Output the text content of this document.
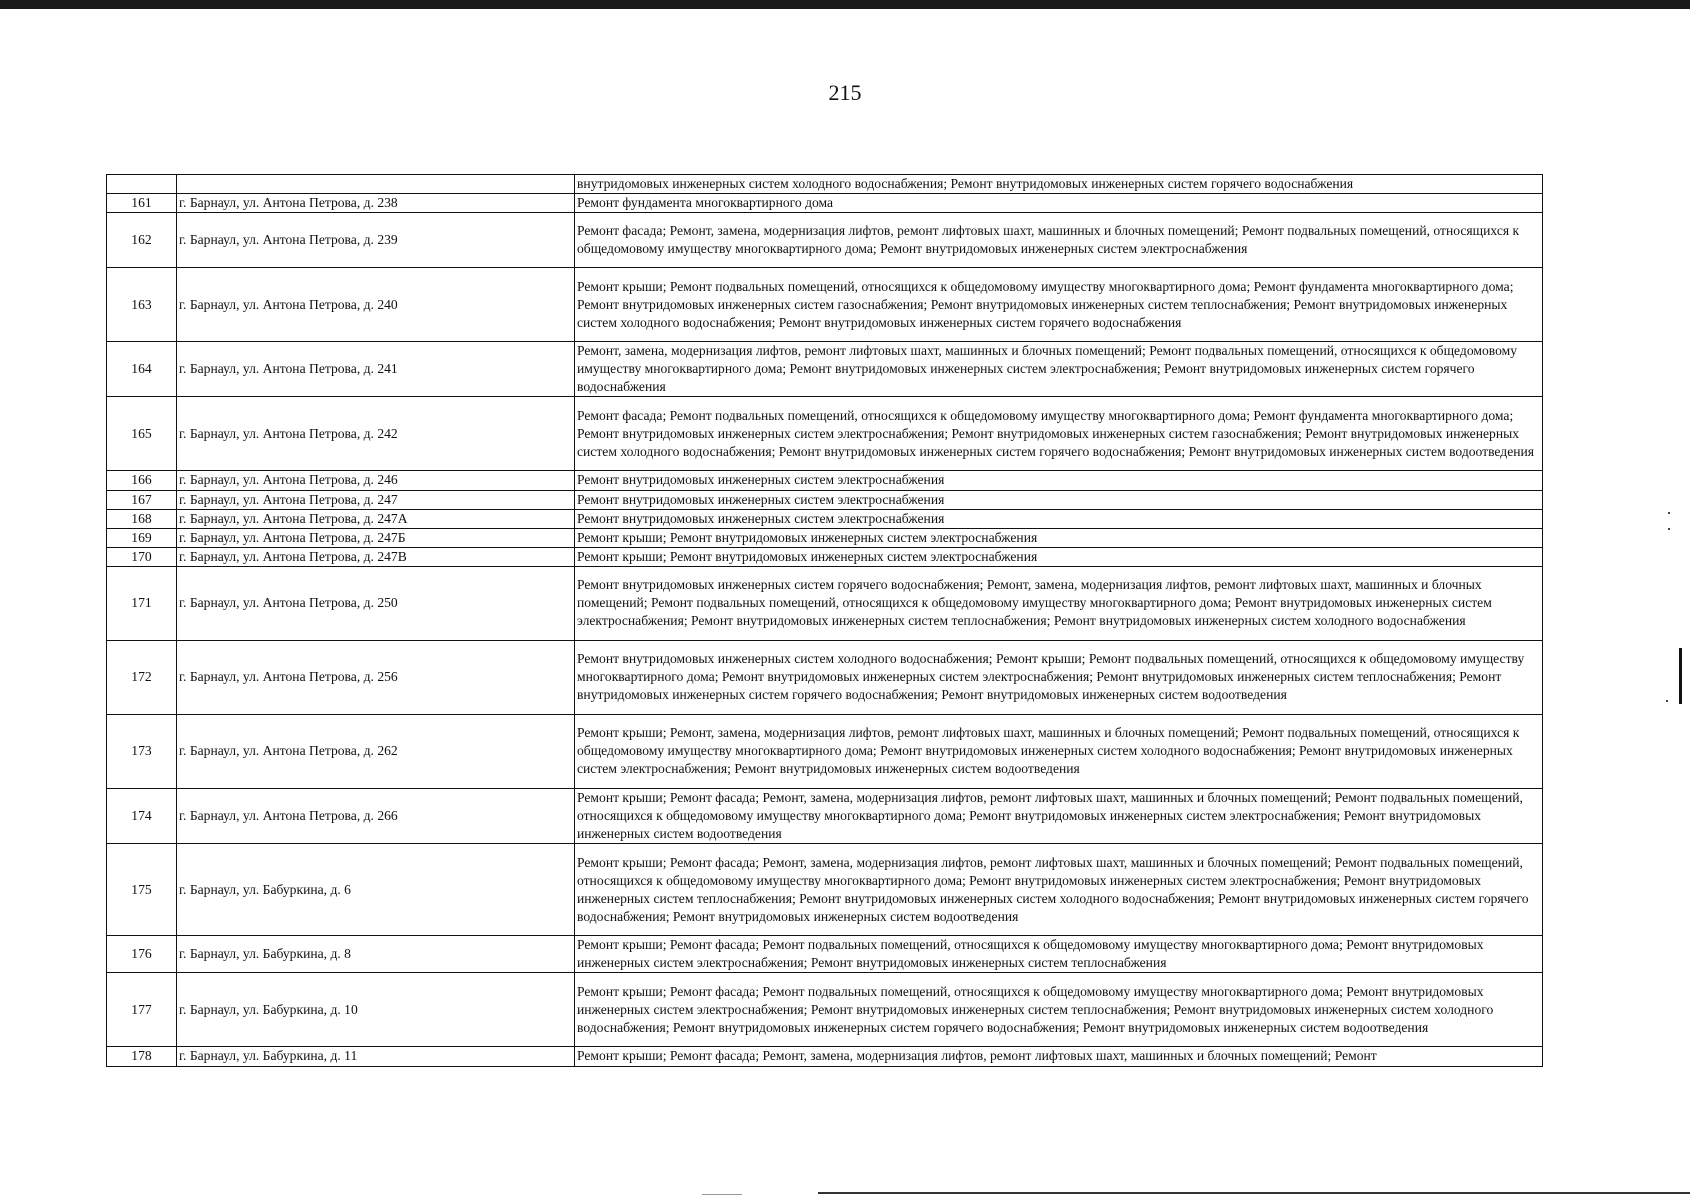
215
		внутридомовых инженерных систем холодного водоснабжения; Ремонт внутридомовых инженерных систем горячего водоснабжения
161	г. Барнаул, ул. Антона Петрова, д. 238	Ремонт фундамента многоквартирного дома
162	г. Барнаул, ул. Антона Петрова, д. 239	Ремонт фасада; Ремонт, замена, модернизация лифтов, ремонт лифтовых шахт, машинных и блочных помещений; Ремонт подвальных помещений, относящихся к общедомовому имуществу многоквартирного дома; Ремонт внутридомовых инженерных систем электроснабжения
163	г. Барнаул, ул. Антона Петрова, д. 240	Ремонт крыши; Ремонт подвальных помещений, относящихся к общедомовому имуществу многоквартирного дома; Ремонт фундамента многоквартирного дома; Ремонт внутридомовых инженерных систем газоснабжения; Ремонт внутридомовых инженерных систем теплоснабжения; Ремонт внутридомовых инженерных систем холодного водоснабжения; Ремонт внутридомовых инженерных систем горячего водоснабжения
164	г. Барнаул, ул. Антона Петрова, д. 241	Ремонт, замена, модернизация лифтов, ремонт лифтовых шахт, машинных и блочных помещений; Ремонт подвальных помещений, относящихся к общедомовому имуществу многоквартирного дома; Ремонт внутридомовых инженерных систем электроснабжения; Ремонт внутридомовых инженерных систем горячего водоснабжения
165	г. Барнаул, ул. Антона Петрова, д. 242	Ремонт фасада; Ремонт подвальных помещений, относящихся к общедомовому имуществу многоквартирного дома; Ремонт фундамента многоквартирного дома; Ремонт внутридомовых инженерных систем электроснабжения; Ремонт внутридомовых инженерных систем газоснабжения; Ремонт внутридомовых инженерных систем холодного водоснабжения; Ремонт внутридомовых инженерных систем горячего водоснабжения; Ремонт внутридомовых инженерных систем водоотведения
166	г. Барнаул, ул. Антона Петрова, д. 246	Ремонт внутридомовых инженерных систем электроснабжения
167	г. Барнаул, ул. Антона Петрова, д. 247	Ремонт внутридомовых инженерных систем электроснабжения
168	г. Барнаул, ул. Антона Петрова, д. 247А	Ремонт внутридомовых инженерных систем электроснабжения
169	г. Барнаул, ул. Антона Петрова, д. 247Б	Ремонт крыши; Ремонт внутридомовых инженерных систем электроснабжения
170	г. Барнаул, ул. Антона Петрова, д. 247В	Ремонт крыши; Ремонт внутридомовых инженерных систем электроснабжения
171	г. Барнаул, ул. Антона Петрова, д. 250	Ремонт внутридомовых инженерных систем горячего водоснабжения; Ремонт, замена, модернизация лифтов, ремонт лифтовых шахт, машинных и блочных помещений; Ремонт подвальных помещений, относящихся к общедомовому имуществу многоквартирного дома; Ремонт внутридомовых инженерных систем электроснабжения; Ремонт внутридомовых инженерных систем теплоснабжения; Ремонт внутридомовых инженерных систем холодного водоснабжения
172	г. Барнаул, ул. Антона Петрова, д. 256	Ремонт внутридомовых инженерных систем холодного водоснабжения; Ремонт крыши; Ремонт подвальных помещений, относящихся к общедомовому имуществу многоквартирного дома; Ремонт внутридомовых инженерных систем электроснабжения; Ремонт внутридомовых инженерных систем теплоснабжения; Ремонт внутридомовых инженерных систем горячего водоснабжения; Ремонт внутридомовых инженерных систем водоотведения
173	г. Барнаул, ул. Антона Петрова, д. 262	Ремонт крыши; Ремонт, замена, модернизация лифтов, ремонт лифтовых шахт, машинных и блочных помещений; Ремонт подвальных помещений, относящихся к общедомовому имуществу многоквартирного дома; Ремонт внутридомовых инженерных систем холодного водоснабжения; Ремонт внутридомовых инженерных систем электроснабжения; Ремонт внутридомовых инженерных систем водоотведения
174	г. Барнаул, ул. Антона Петрова, д. 266	Ремонт крыши; Ремонт фасада; Ремонт, замена, модернизация лифтов, ремонт лифтовых шахт, машинных и блочных помещений; Ремонт подвальных помещений, относящихся к общедомовому имуществу многоквартирного дома; Ремонт внутридомовых инженерных систем электроснабжения; Ремонт внутридомовых инженерных систем водоотведения
175	г. Барнаул, ул. Бабуркина, д. 6	Ремонт крыши; Ремонт фасада; Ремонт, замена, модернизация лифтов, ремонт лифтовых шахт, машинных и блочных помещений; Ремонт подвальных помещений, относящихся к общедомовому имуществу многоквартирного дома; Ремонт внутридомовых инженерных систем электроснабжения; Ремонт внутридомовых инженерных систем теплоснабжения; Ремонт внутридомовых инженерных систем холодного водоснабжения; Ремонт внутридомовых инженерных систем горячего водоснабжения; Ремонт внутридомовых инженерных систем водоотведения
176	г. Барнаул, ул. Бабуркина, д. 8	Ремонт крыши; Ремонт фасада; Ремонт подвальных помещений, относящихся к общедомовому имуществу многоквартирного дома; Ремонт внутридомовых инженерных систем электроснабжения; Ремонт внутридомовых инженерных систем теплоснабжения
177	г. Барнаул, ул. Бабуркина, д. 10	Ремонт крыши; Ремонт фасада; Ремонт подвальных помещений, относящихся к общедомовому имуществу многоквартирного дома; Ремонт внутридомовых инженерных систем электроснабжения; Ремонт внутридомовых инженерных систем теплоснабжения; Ремонт внутридомовых инженерных систем холодного водоснабжения; Ремонт внутридомовых инженерных систем горячего водоснабжения; Ремонт внутридомовых инженерных систем водоотведения
178	г. Барнаул, ул. Бабуркина, д. 11	Ремонт крыши; Ремонт фасада; Ремонт, замена, модернизация лифтов, ремонт лифтовых шахт, машинных и блочных помещений; Ремонт
